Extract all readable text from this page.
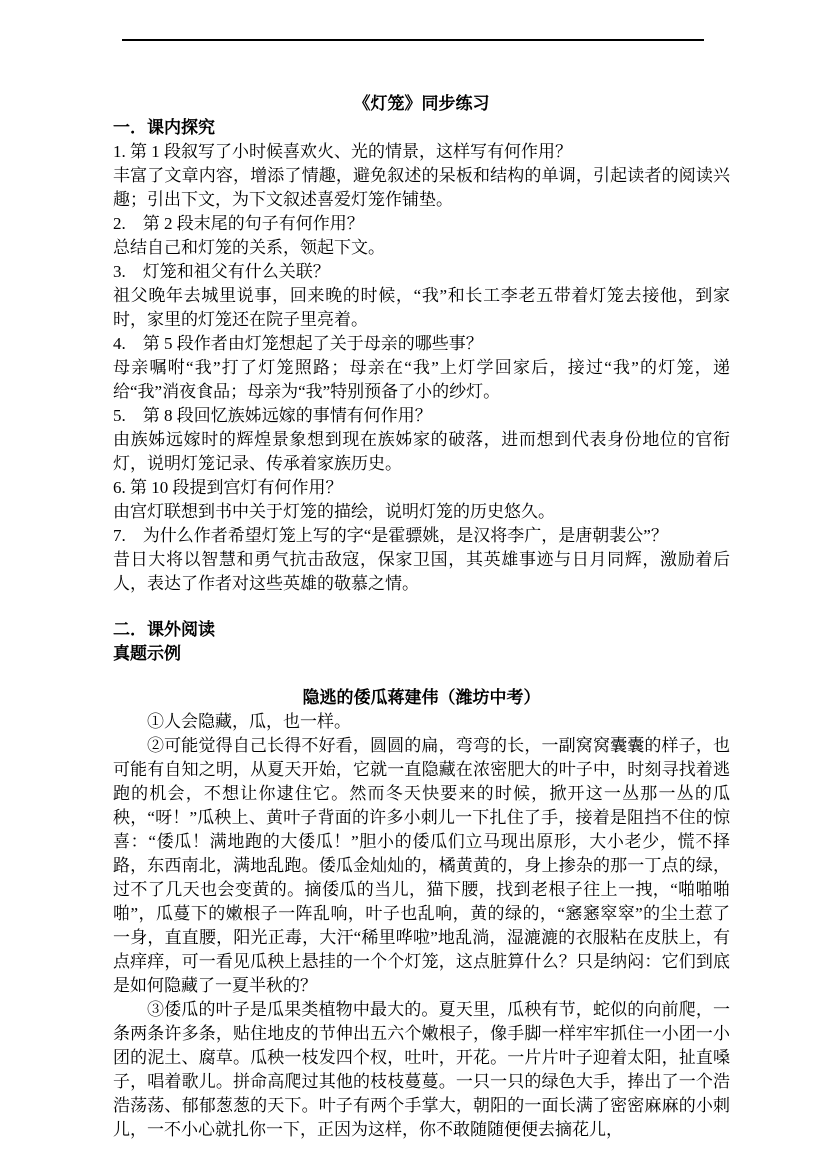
《灯笼》同步练习
一．课内探究

1. 第 1 段叙写了小时候喜欢火、光的情景，这样写有何作用？

丰富了文章内容，增添了情趣，避免叙述的呆板和结构的单调，引起读者的阅读兴趣；引出下文，为下文叙述喜爱灯笼作铺垫。

2.　第 2 段末尾的句子有何作用？

总结自己和灯笼的关系，领起下文。

3.　灯笼和祖父有什么关联？

祖父晚年去城里说事，回来晚的时候，“我”和长工李老五带着灯笼去接他，到家时，家里的灯笼还在院子里亮着。

4.　第 5 段作者由灯笼想起了关于母亲的哪些事？

母亲嘱咐“我”打了灯笼照路；母亲在“我”上灯学回家后，接过“我”的灯笼，递给“我”消夜食品；母亲为“我”特别预备了小的纱灯。

5.　第 8 段回忆族姊远嫁的事情有何作用？

由族姊远嫁时的辉煌景象想到现在族姊家的破落，进而想到代表身份地位的官衔灯，说明灯笼记录、传承着家族历史。

6. 第 10 段提到宫灯有何作用？

由宫灯联想到书中关于灯笼的描绘，说明灯笼的历史悠久。

7.　为什么作者希望灯笼上写的字“是霍骠姚，是汉将李广，是唐朝裴公”？

昔日大将以智慧和勇气抗击敌寇，保家卫国，其英雄事迹与日月同辉，激励着后人，表达了作者对这些英雄的敬慕之情。

二．课外阅读
真题示例
隐逃的倭瓜蒋建伟（潍坊中考）

①人会隐藏，瓜，也一样。

②可能觉得自己长得不好看，圆圆的扁，弯弯的长，一副窝窝囊囊的样子，也可能有自知之明，从夏天开始，它就一直隐藏在浓密肥大的叶子中，时刻寻找着逃跑的机会，不想让你逮住它。然而冬天快要来的时候，掀开这一丛那一丛的瓜秧，“呀！”瓜秧上、黄叶子背面的许多小刺儿一下扎住了手，接着是阻挡不住的惊喜：“倭瓜！满地跑的大倭瓜！”胆小的倭瓜们立马现出原形，大小老少，慌不择路，东西南北，满地乱跑。倭瓜金灿灿的，橘黄黄的，身上掺杂的那一丁点的绿，过不了几天也会变黄的。摘倭瓜的当儿，猫下腰，找到老根子往上一拽，“啪啪啪啪”，瓜蔓下的嫩根子一阵乱响，叶子也乱响，黄的绿的，“窸窸窣窣”的尘土惹了一身，直直腰，阳光正毒，大汗“稀里哗啦”地乱淌，湿漉漉的衣服粘在皮肤上，有点痒痒，可一看见瓜秧上悬挂的一个个灯笼，这点脏算什么？只是纳闷：它们到底是如何隐藏了一夏半秋的？

③倭瓜的叶子是瓜果类植物中最大的。夏天里，瓜秧有节，蛇似的向前爬，一条两条许多条，贴住地皮的节伸出五六个嫩根子，像手脚一样牢牢抓住一小团一小团的泥土、腐草。瓜秧一枝发四个杈，吐叶，开花。一片片叶子迎着太阳，扯直嗓子，唱着歌儿。拼命高爬过其他的枝枝蔓蔓。一只一只的绿色大手，捧出了一个浩浩荡荡、郁郁葱葱的天下。叶子有两个手掌大，朝阳的一面长满了密密麻麻的小刺儿，一不小心就扎你一下，正因为这样，你不敢随随便便去摘花儿，
